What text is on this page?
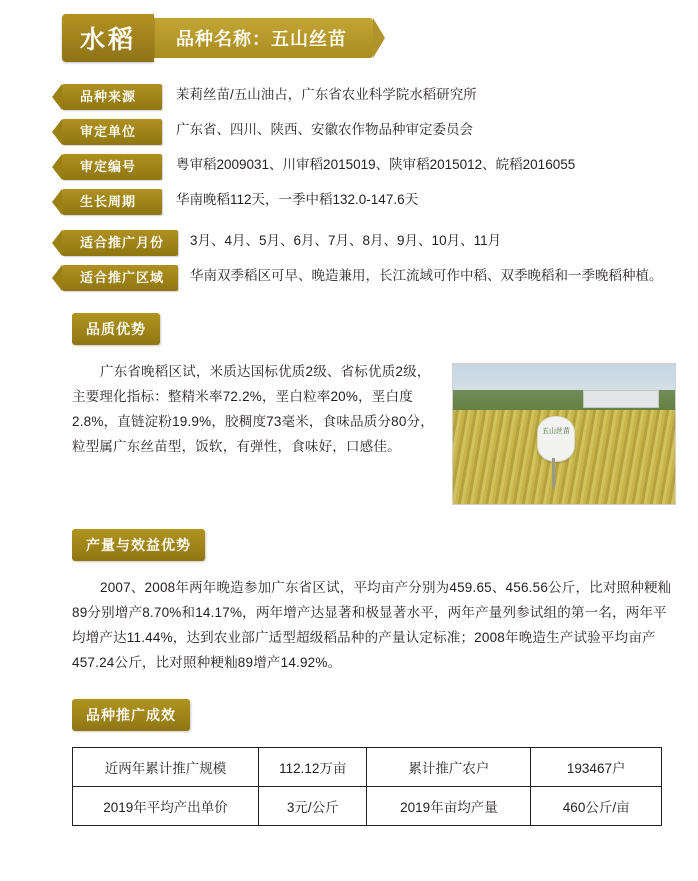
水稻	品种名称：五山丝苗
品种来源	茉莉丝苗/五山油占，广东省农业科学院水稻研究所
审定单位	广东省、四川、陕西、安徽农作物品种审定委员会
审定编号	粤审稻2009031、川审稻2015019、陕审稻2015012、皖稻2016055
生长周期	华南晚稻112天，一季中稻132.0-147.6天
适合推广月份	3月、4月、5月、6月、7月、8月、9月、10月、11月
适合推广区域	华南双季稻区可早、晚造兼用，长江流域可作中稻、双季晚稻和一季晚稻种植。
品质优势
广东省晚稻区试，米质达国标优质2级、省标优质2级，主要理化指标：整精米率72.2%，垩白粒率20%，垩白度2.8%，直链淀粉19.9%，胶稠度73毫米，食味品质分80分，粒型属广东丝苗型，饭软，有弹性，食味好，口感佳。
五山丝苗
产量与效益优势
2007、2008年两年晚造参加广东省区试，平均亩产分别为459.65、456.56公斤，比对照种粳籼89分别增产8.70%和14.17%，两年增产达显著和极显著水平，两年产量列参试组的第一名，两年平均增产达11.44%，达到农业部广适型超级稻品种的产量认定标准；2008年晚造生产试验平均亩产457.24公斤，比对照种粳籼89增产14.92%。
品种推广成效
近两年累计推广规模	112.12万亩	累计推广农户	193467户
2019年平均产出单价	3元/公斤	2019年亩均产量	460公斤/亩
